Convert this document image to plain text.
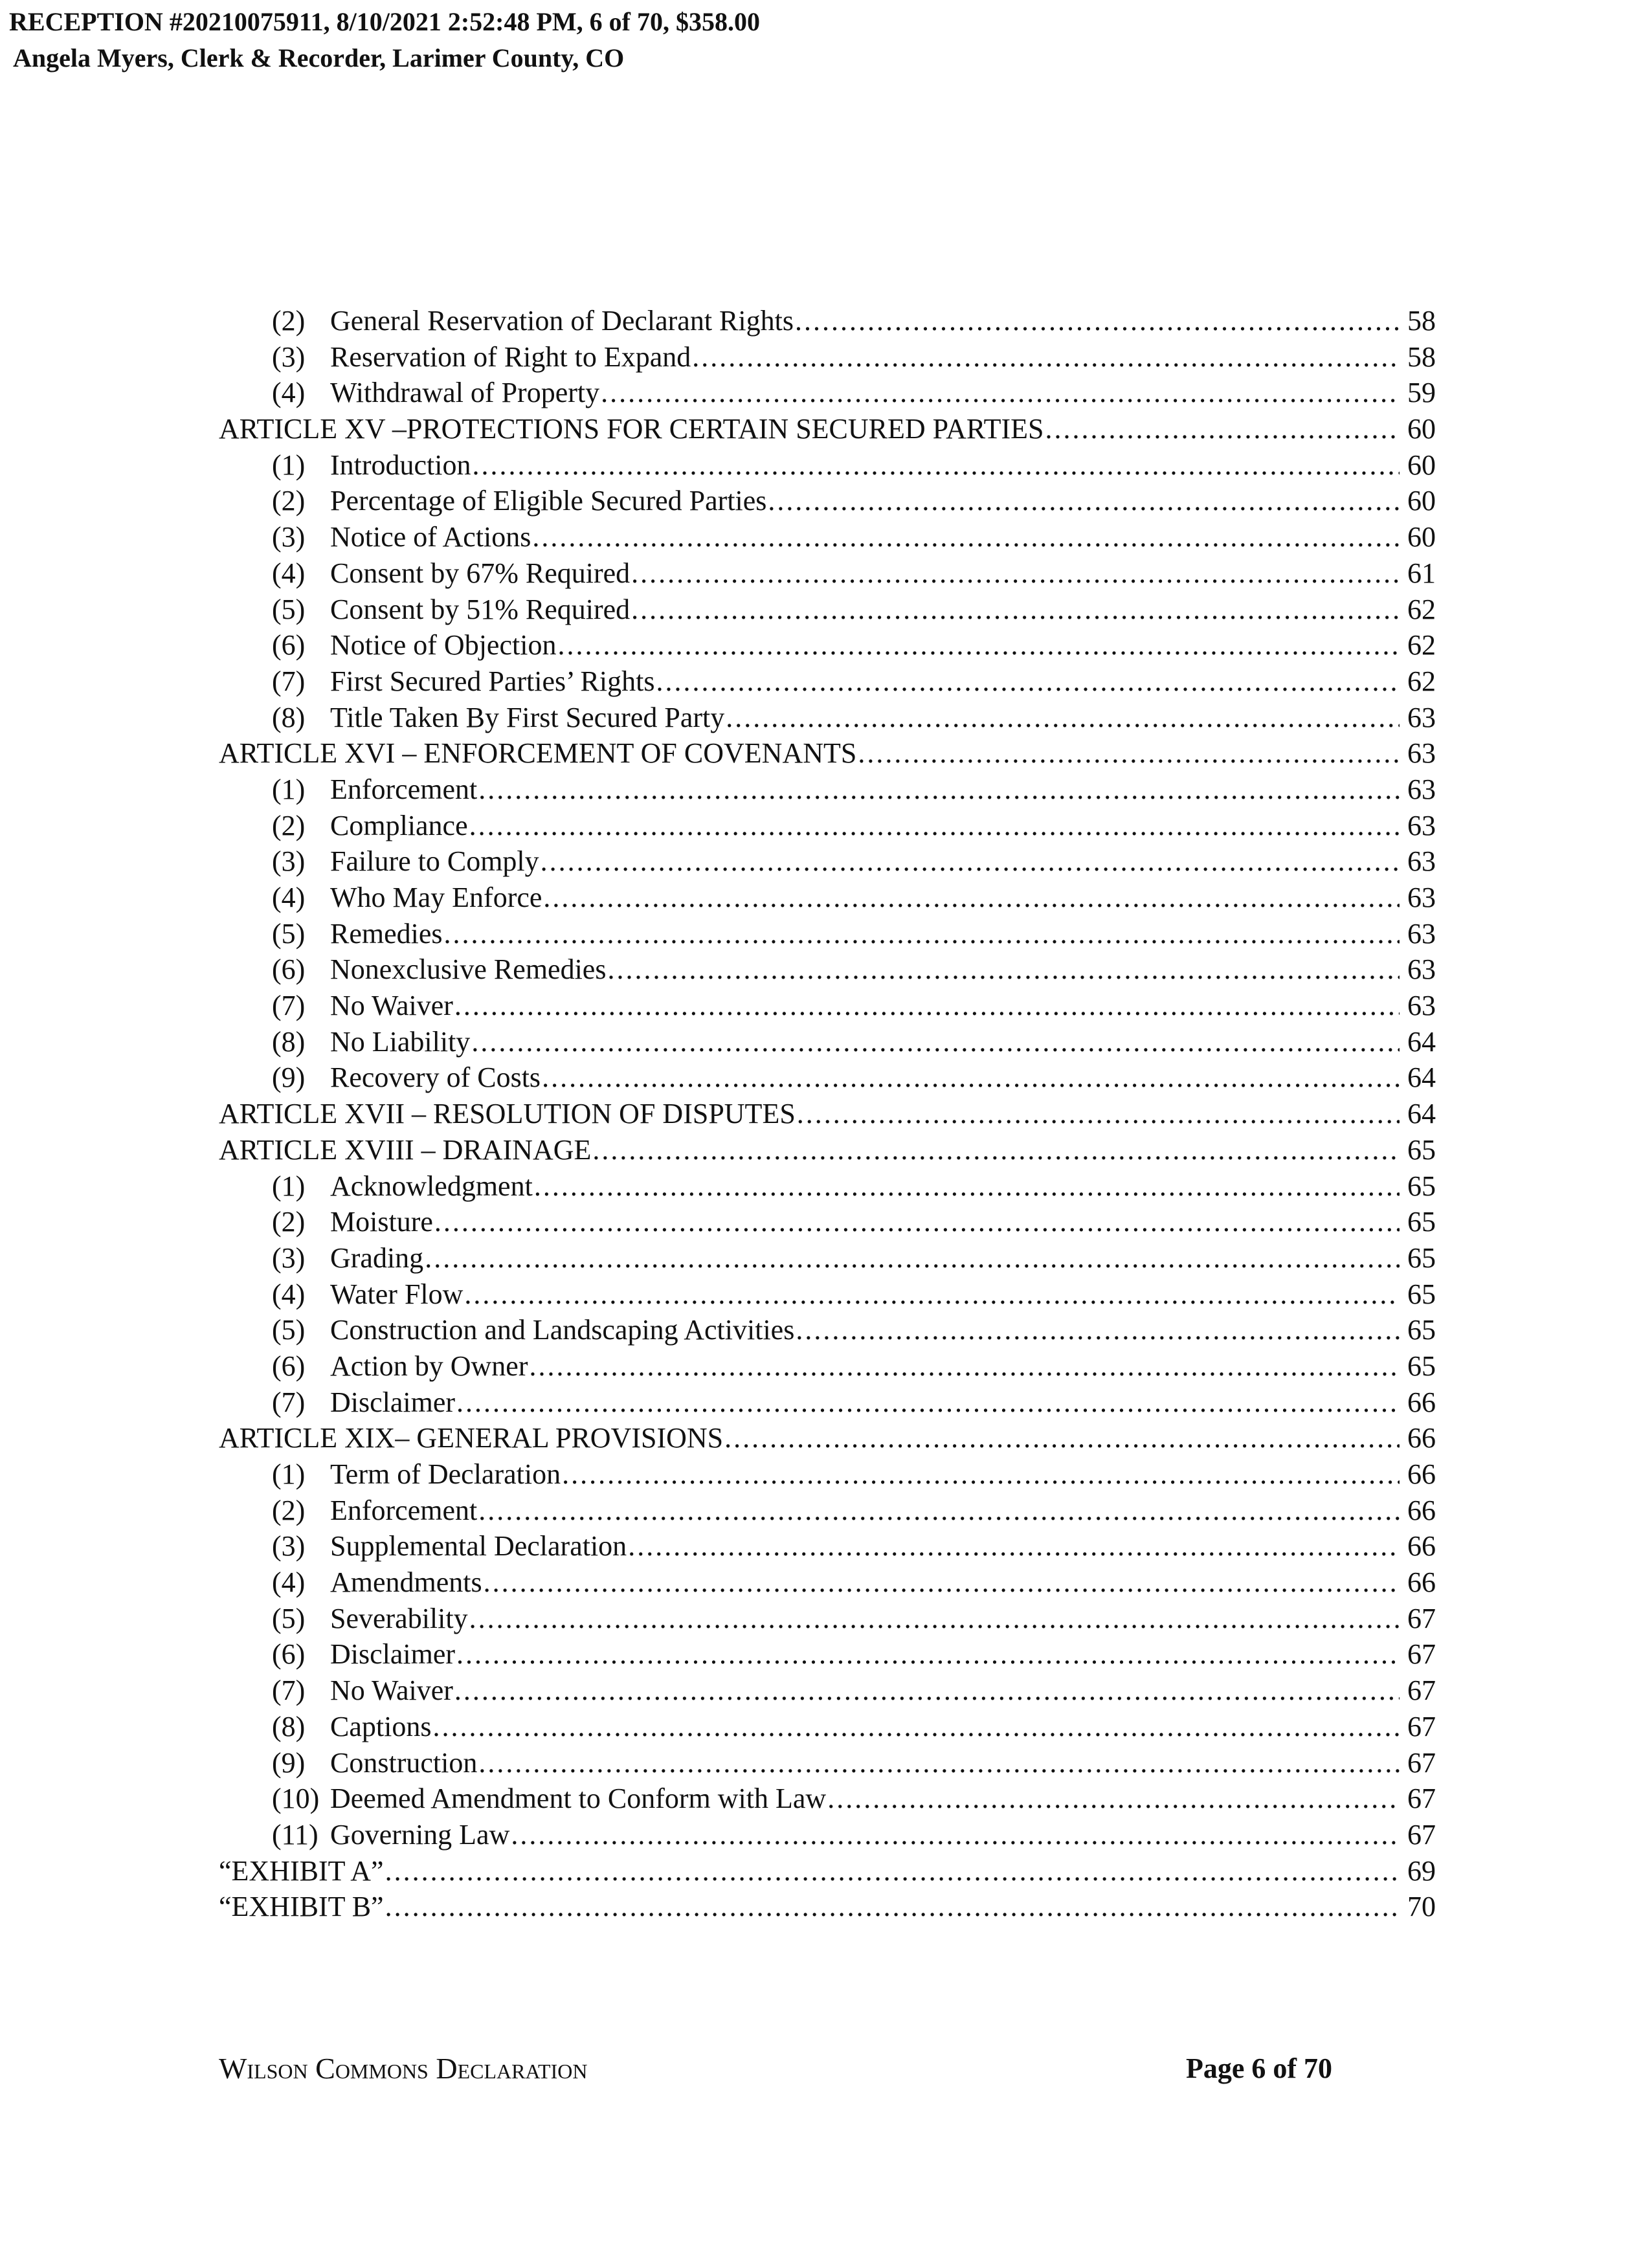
RECEPTION #20210075911, 8/10/2021 2:52:48 PM, 6 of 70, $358.00
Angela Myers, Clerk & Recorder, Larimer County, CO
(2) General Reservation of Declarant Rights .....	58
(3) Reservation of Right to Expand .....	58
(4) Withdrawal of Property .....	59
ARTICLE XV –PROTECTIONS FOR CERTAIN SECURED PARTIES .....	60
(1) Introduction .....	60
(2) Percentage of Eligible Secured Parties .....	60
(3) Notice of Actions .....	60
(4) Consent by 67% Required .....	61
(5) Consent by 51% Required .....	62
(6) Notice of Objection .....	62
(7) First Secured Parties’ Rights .....	62
(8) Title Taken By First Secured Party .....	63
ARTICLE XVI – ENFORCEMENT OF COVENANTS .....	63
(1) Enforcement .....	63
(2) Compliance .....	63
(3) Failure to Comply .....	63
(4) Who May Enforce .....	63
(5) Remedies .....	63
(6) Nonexclusive Remedies .....	63
(7) No Waiver .....	63
(8) No Liability .....	64
(9) Recovery of Costs .....	64
ARTICLE XVII – RESOLUTION OF DISPUTES .....	64
ARTICLE XVIII – DRAINAGE .....	65
(1) Acknowledgment .....	65
(2) Moisture .....	65
(3) Grading .....	65
(4) Water Flow .....	65
(5) Construction and Landscaping Activities .....	65
(6) Action by Owner .....	65
(7) Disclaimer .....	66
ARTICLE XIX– GENERAL PROVISIONS .....	66
(1) Term of Declaration .....	66
(2) Enforcement .....	66
(3) Supplemental Declaration .....	66
(4) Amendments .....	66
(5) Severability .....	67
(6) Disclaimer .....	67
(7) No Waiver .....	67
(8) Captions .....	67
(9) Construction .....	67
(10) Deemed Amendment to Conform with Law .....	67
(11) Governing Law .....	67
“EXHIBIT A” .....	69
“EXHIBIT B” .....	70
Wilson Commons Declaration	Page 6 of 70
